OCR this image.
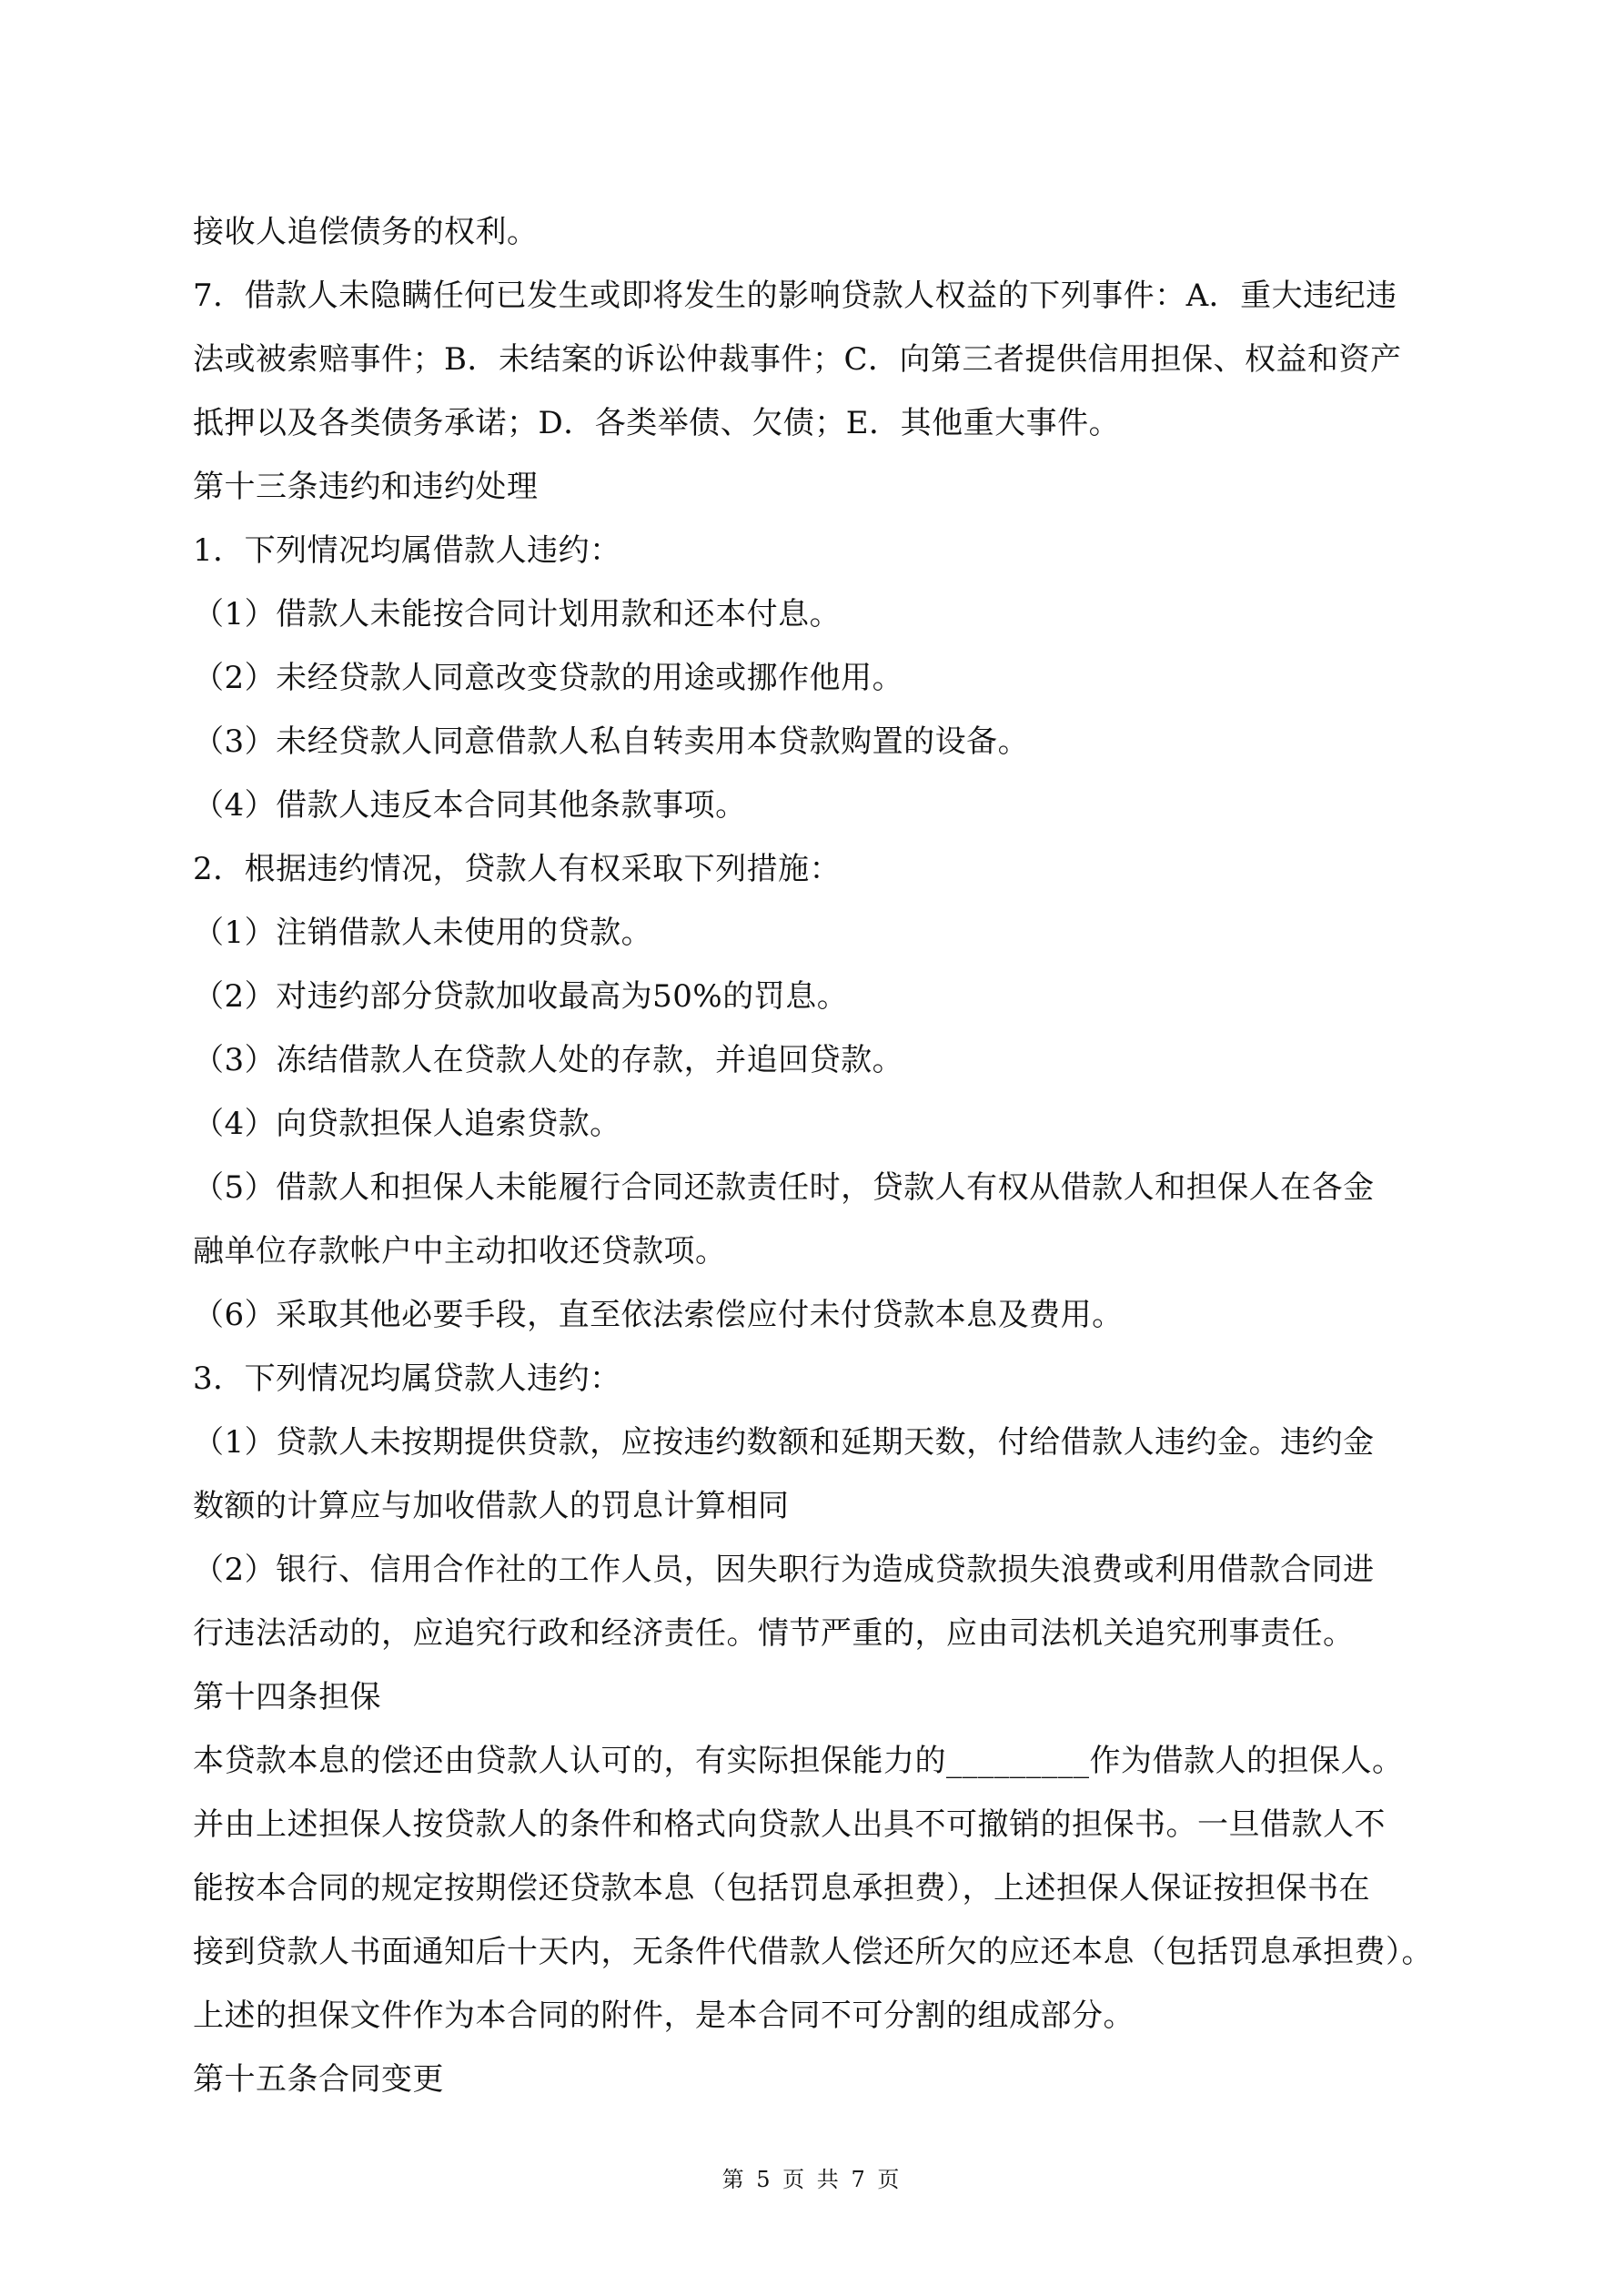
接收人追偿债务的权利。
7．借款人未隐瞒任何已发生或即将发生的影响贷款人权益的下列事件：A．重大违纪违
法或被索赔事件；B．未结案的诉讼仲裁事件；C．向第三者提供信用担保、权益和资产
抵押以及各类债务承诺；D．各类举债、欠债；E．其他重大事件。
第十三条违约和违约处理
1．下列情况均属借款人违约：
（1）借款人未能按合同计划用款和还本付息。
（2）未经贷款人同意改变贷款的用途或挪作他用。
（3）未经贷款人同意借款人私自转卖用本贷款购置的设备。
（4）借款人违反本合同其他条款事项。
2．根据违约情况，贷款人有权采取下列措施：
（1）注销借款人未使用的贷款。
（2）对违约部分贷款加收最高为50%的罚息。
（3）冻结借款人在贷款人处的存款，并追回贷款。
（4）向贷款担保人追索贷款。
（5）借款人和担保人未能履行合同还款责任时，贷款人有权从借款人和担保人在各金
融单位存款帐户中主动扣收还贷款项。
（6）采取其他必要手段，直至依法索偿应付未付贷款本息及费用。
3．下列情况均属贷款人违约：
（1）贷款人未按期提供贷款，应按违约数额和延期天数，付给借款人违约金。违约金
数额的计算应与加收借款人的罚息计算相同
（2）银行、信用合作社的工作人员，因失职行为造成贷款损失浪费或利用借款合同进
行违法活动的，应追究行政和经济责任。情节严重的，应由司法机关追究刑事责任。
第十四条担保
本贷款本息的偿还由贷款人认可的，有实际担保能力的_________作为借款人的担保人。
并由上述担保人按贷款人的条件和格式向贷款人出具不可撤销的担保书。一旦借款人不
能按本合同的规定按期偿还贷款本息（包括罚息承担费），上述担保人保证按担保书在
接到贷款人书面通知后十天内，无条件代借款人偿还所欠的应还本息（包括罚息承担费）。
上述的担保文件作为本合同的附件，是本合同不可分割的组成部分。
第十五条合同变更
第 5 页 共 7 页
